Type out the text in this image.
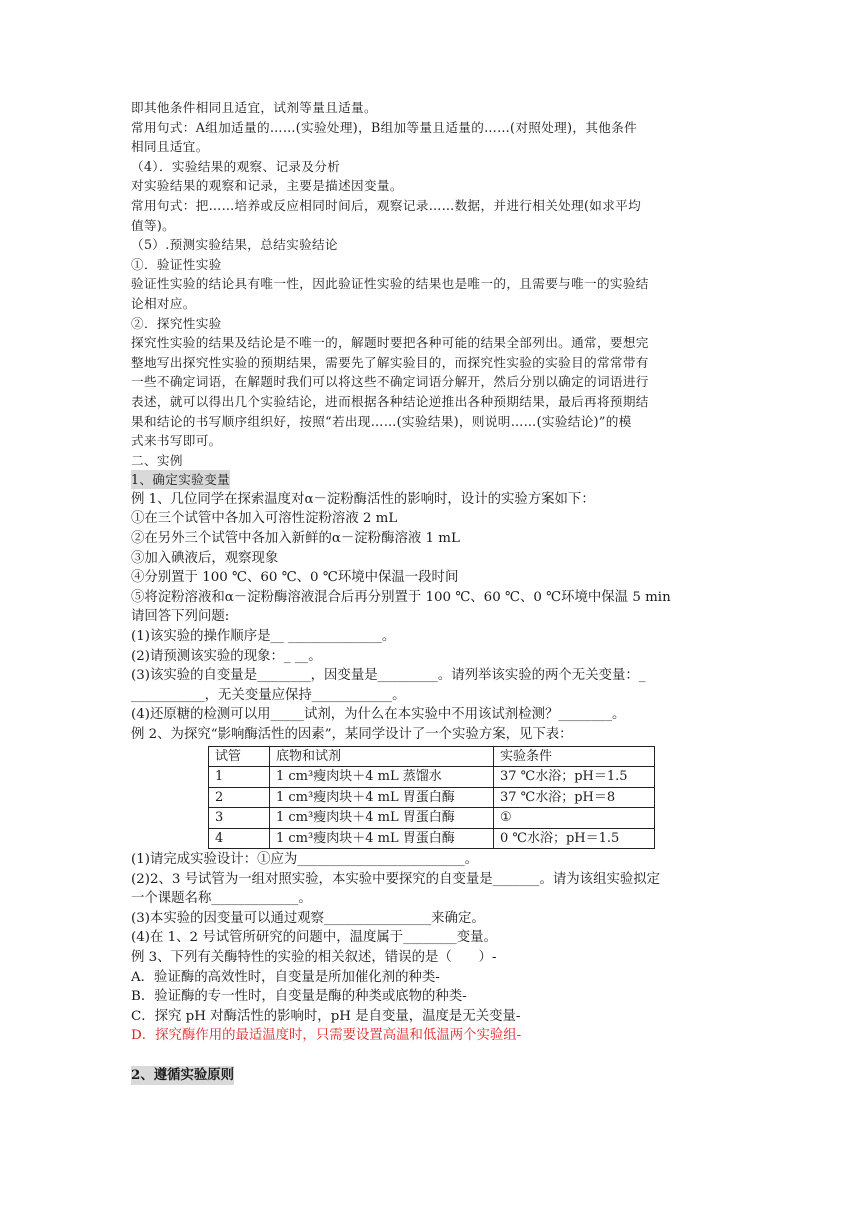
即其他条件相同且适宜，试剂等量且适量。
常用句式：A组加适量的……(实验处理)，B组加等量且适量的……(对照处理)，其他条件
相同且适宜。
（4）．实验结果的观察、记录及分析
对实验结果的观察和记录，主要是描述因变量。
常用句式：把……培养或反应相同时间后，观察记录……数据，并进行相关处理(如求平均
值等)。
（5）.预测实验结果，总结实验结论
①．验证性实验
验证性实验的结论具有唯一性，因此验证性实验的结果也是唯一的，且需要与唯一的实验结
论相对应。
②．探究性实验
探究性实验的结果及结论是不唯一的，解题时要把各种可能的结果全部列出。通常，要想完
整地写出探究性实验的预期结果，需要先了解实验目的，而探究性实验的实验目的常常带有
一些不确定词语，在解题时我们可以将这些不确定词语分解开，然后分别以确定的词语进行
表述，就可以得出几个实验结论，进而根据各种结论逆推出各种预期结果，最后再将预期结
果和结论的书写顺序组织好，按照“若出现……(实验结果)，则说明……(实验结论)”的模
式来书写即可。
二、实例
1、确定实验变量
例 1、几位同学在探索温度对α－淀粉酶活性的影响时，设计的实验方案如下：
①在三个试管中各加入可溶性淀粉溶液 2 mL
②在另外三个试管中各加入新鲜的α－淀粉酶溶液 1 mL
③加入碘液后，观察现象
④分别置于 100 ℃、60 ℃、0 ℃环境中保温一段时间
⑤将淀粉溶液和α－淀粉酶溶液混合后再分别置于 100 ℃、60 ℃、0 ℃环境中保温 5 min
请回答下列问题:
(1)该实验的操作顺序是__ ______________。
(2)请预测该实验的现象：_ __。
(3)该实验的自变量是________，因变量是_________。请列举该实验的两个无关变量：_
___________，无关变量应保持____________。
(4)还原糖的检测可以用_____试剂，为什么在本实验中不用该试剂检测？________。
例 2、为探究“影响酶活性的因素”，某同学设计了一个实验方案，见下表：
试管	底物和试剂	实验条件
1	1 cm³瘦肉块＋4 mL 蒸馏水	37 ℃水浴；pH＝1.5
2	1 cm³瘦肉块＋4 mL 胃蛋白酶	37 ℃水浴；pH＝8
3	1 cm³瘦肉块＋4 mL 胃蛋白酶	①
4	1 cm³瘦肉块＋4 mL 胃蛋白酶	0 ℃水浴；pH＝1.5
(1)请完成实验设计：①应为_________________________。
(2)2、3 号试管为一组对照实验，本实验中要探究的自变量是_______。请为该组实验拟定
一个课题名称_____________。
(3)本实验的因变量可以通过观察________________来确定。
(4)在 1、2 号试管所研究的问题中，温度属于________变量。
例 3、下列有关酶特性的实验的相关叙述，错误的是（　　）-
A．验证酶的高效性时，自变量是所加催化剂的种类-
B．验证酶的专一性时，自变量是酶的种类或底物的种类-
C．探究 pH 对酶活性的影响时，pH 是自变量，温度是无关变量-
D．探究酶作用的最适温度时，只需要设置高温和低温两个实验组-
2、遵循实验原则
